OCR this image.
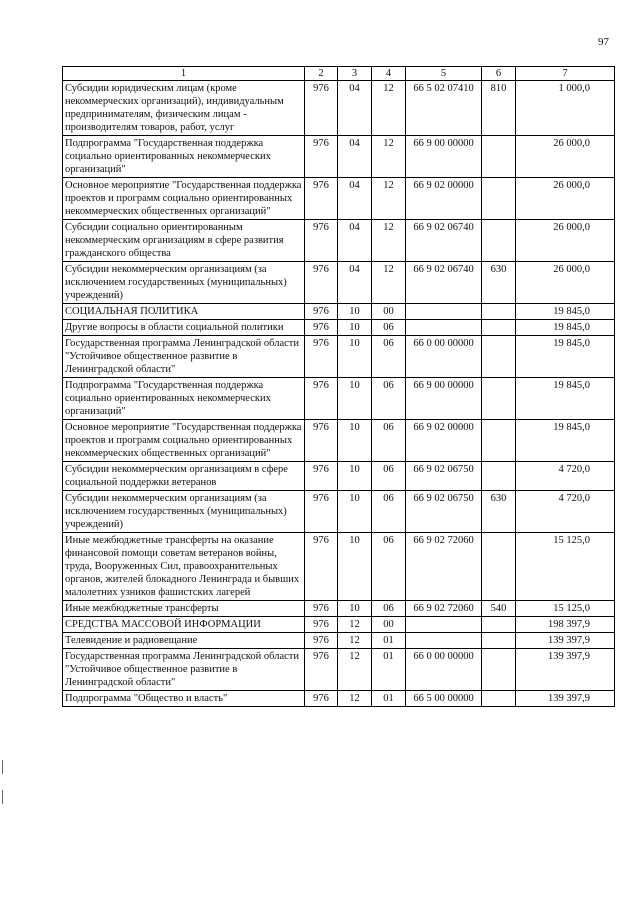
97
1	2	3	4	5	6	7
Субсидии юридическим лицам (кроме некоммерческих организаций), индивидуальным предпринимателям, физическим лицам - производителям товаров, работ, услуг	976	04	12	66 5 02 07410	810	1 000,0
Подпрограмма "Государственная поддержка социально ориентированных некоммерческих организаций"	976	04	12	66 9 00 00000		26 000,0
Основное мероприятие "Государственная поддержка проектов и программ социально ориентированных некоммерческих общественных организаций"	976	04	12	66 9 02 00000		26 000,0
Субсидии социально ориентированным некоммерческим организациям в сфере развития гражданского общества	976	04	12	66 9 02 06740		26 000,0
Субсидии некоммерческим организациям (за исключением государственных (муниципальных) учреждений)	976	04	12	66 9 02 06740	630	26 000,0
СОЦИАЛЬНАЯ ПОЛИТИКА	976	10	00			19 845,0
Другие вопросы в области социальной политики	976	10	06			19 845,0
Государственная программа Ленинградской области "Устойчивое общественное развитие в Ленинградской области"	976	10	06	66 0 00 00000		19 845,0
Подпрограмма "Государственная поддержка социально ориентированных некоммерческих организаций"	976	10	06	66 9 00 00000		19 845,0
Основное мероприятие "Государственная поддержка проектов и программ социально ориентированных некоммерческих общественных организаций"	976	10	06	66 9 02 00000		19 845,0
Субсидии некоммерческим организациям в сфере социальной поддержки ветеранов	976	10	06	66 9 02 06750		4 720,0
Субсидии некоммерческим организациям (за исключением государственных (муниципальных) учреждений)	976	10	06	66 9 02 06750	630	4 720,0
Иные межбюджетные трансферты на оказание финансовой помощи советам ветеранов войны, труда, Вооруженных Сил, правоохранительных органов, жителей блокадного Ленинграда и бывших малолетних узников фашистских лагерей	976	10	06	66 9 02 72060		15 125,0
Иные межбюджетные трансферты	976	10	06	66 9 02 72060	540	15 125,0
СРЕДСТВА МАССОВОЙ ИНФОРМАЦИИ	976	12	00			198 397,9
Телевидение и радиовещание	976	12	01			139 397,9
Государственная программа Ленинградской области "Устойчивое общественное развитие в Ленинградской области"	976	12	01	66 0 00 00000		139 397,9
Подпрограмма "Общество и власть"	976	12	01	66 5 00 00000		139 397,9
